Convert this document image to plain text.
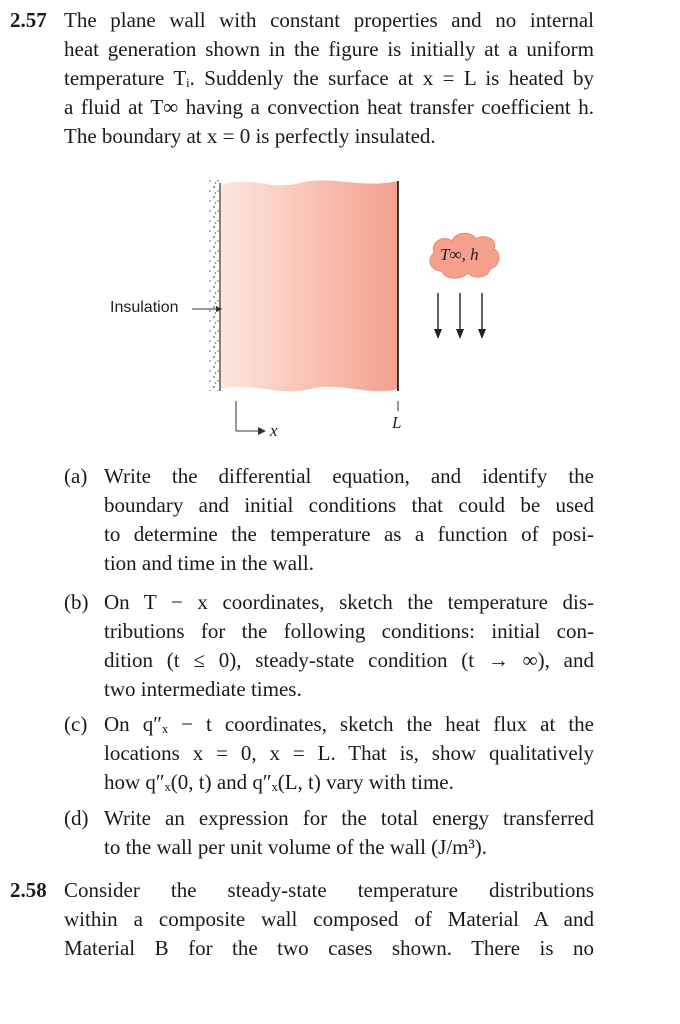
2.57 The plane wall with constant properties and no internal
heat generation shown in the figure is initially at a uniform
temperature Tᵢ. Suddenly the surface at x = L is heated by
a fluid at T∞ having a convection heat transfer coefficient h.
The boundary at x = 0 is perfectly insulated.
Insulation
T∞, h
x	L
(a) Write the differential equation, and identify the
boundary and initial conditions that could be used
to determine the temperature as a function of posi-
tion and time in the wall.
(b) On T − x coordinates, sketch the temperature dis-
tributions for the following conditions: initial con-
dition (t ≤ 0), steady-state condition (t → ∞), and
two intermediate times.
(c) On q″ₓ − t coordinates, sketch the heat flux at the
locations x = 0, x = L. That is, show qualitatively
how q″ₓ(0, t) and q″ₓ(L, t) vary with time.
(d) Write an expression for the total energy transferred
to the wall per unit volume of the wall (J/m³).
2.58 Consider the steady-state temperature distributions
within a composite wall composed of Material A and
Material B for the two cases shown. There is no
